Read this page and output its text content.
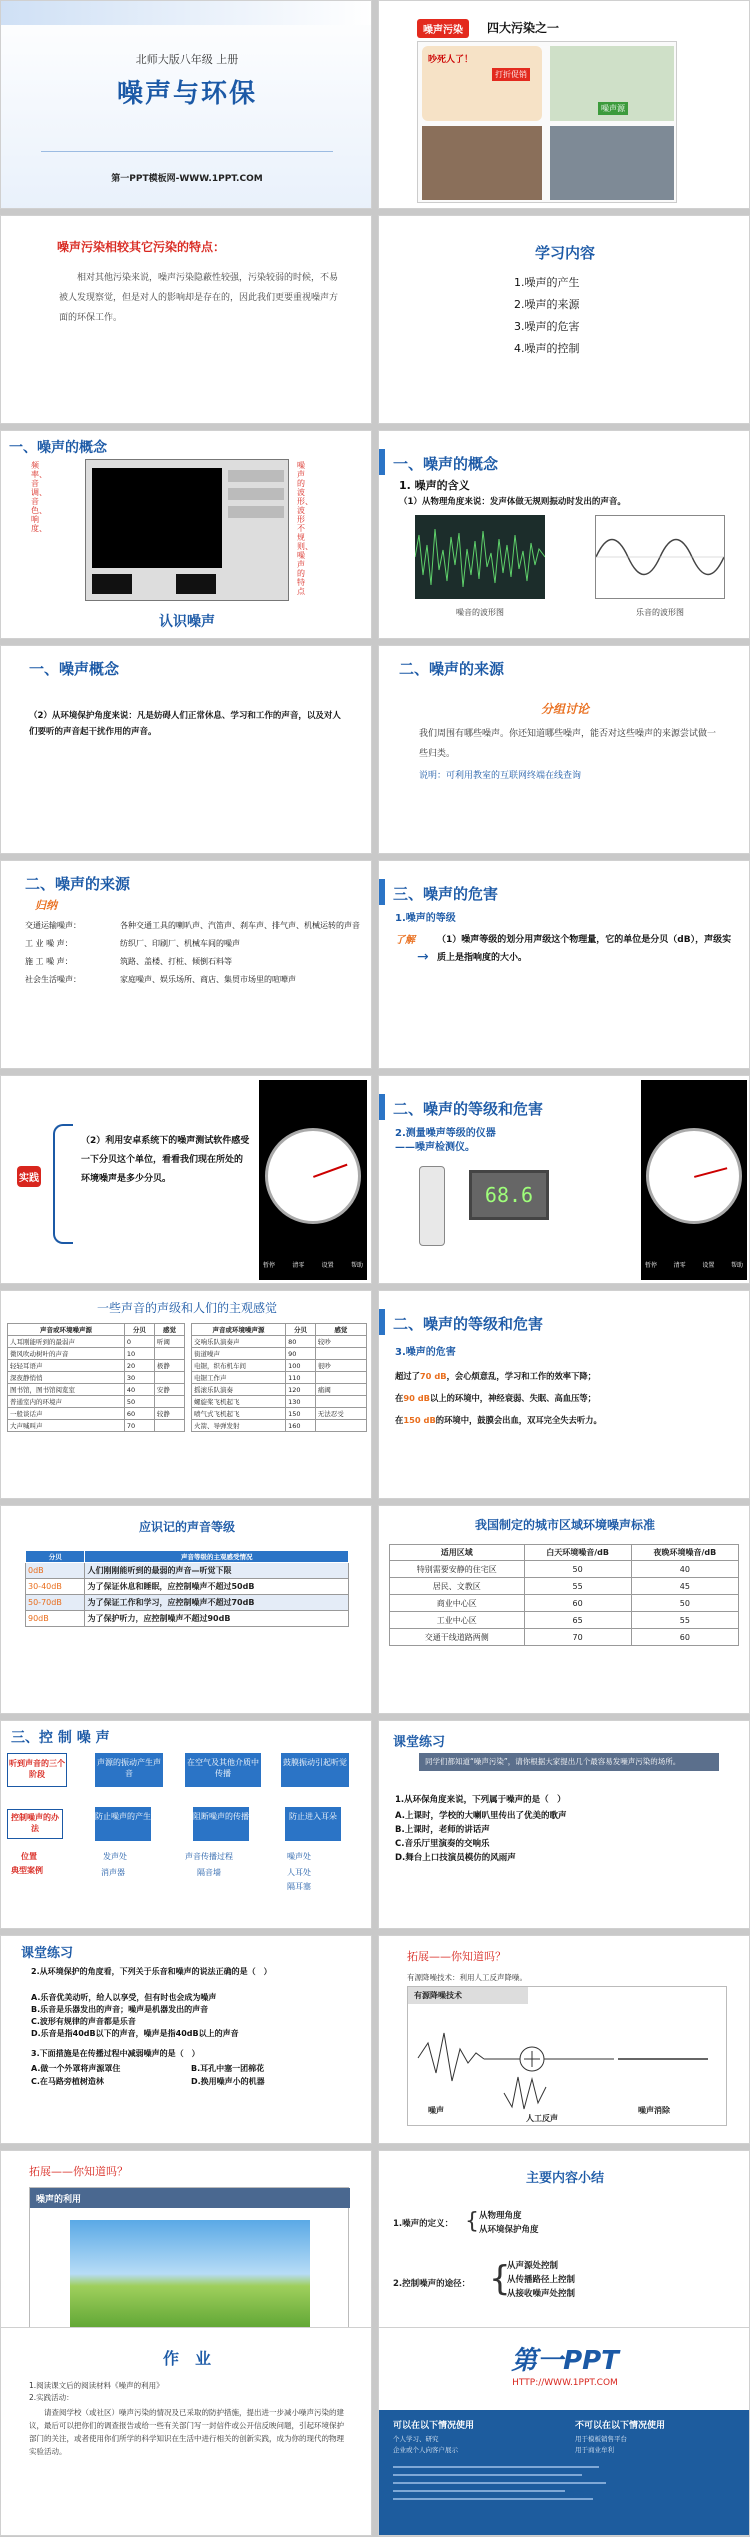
北师大版八年级 上册
噪声与环保
第一PPT模板网-WWW.1PPT.COM
噪声污染	四大污染之一
吵死人了！
打折促销
噪声源
噪声污染相较其它污染的特点：
相对其他污染来说，噪声污染隐蔽性较强，污染较弱的时候，不易被人发现察觉，但是对人的影响却是存在的，因此我们更要重视噪声方面的环保工作。
学习内容
1.噪声的产生
2.噪声的来源
3.噪声的危害
4.噪声的控制
一、噪声的概念
频率、音调、音色、响度、
噪声的波形、波形不规则、噪声的特点
认识噪声
一、噪声的概念
1. 噪声的含义
（1）从物理角度来说：发声体做无规则振动时发出的声音。
噪音的波形图	乐音的波形图
一、噪声概念
（2）从环境保护角度来说：凡是妨碍人们正常休息、学习和工作的声音，以及对人们要听的声音起干扰作用的声音。
二、噪声的来源
分组讨论
我们周围有哪些噪声。你还知道哪些噪声，能否对这些噪声的来源尝试做一些归类。
说明：可利用教室的互联网终端在线查询
二、噪声的来源
归纳
交通运输噪声：	各种交通工具的喇叭声、汽笛声、刹车声、排气声、机械运转的声音
工 业 噪 声：	纺织厂、印刷厂、机械车间的噪声
施 工 噪 声：	筑路、盖楼、打桩、倾倒石料等
社会生活噪声：	家庭噪声、娱乐场所、商店、集贸市场里的喧嘩声
三、噪声的危害
1.噪声的等级
了解
→
（1）噪声等级的划分用声级这个物理量，它的单位是分贝（dB），声级实质上是指响度的大小。
实践
（2）利用安卓系统下的噪声测试软件感受一下分贝这个单位，看看我们现在所处的环境噪声是多少分贝。
暂停	清零	设置	帮助
二、噪声的等级和危害
2.测量噪声等级的仪器
——噪声检测仪。
68.6
暂停	清零	设置	帮助
一些声音的声级和人们的主观感觉
声音或环境噪声源	分贝	感觉
人耳刚能听到的最弱声	0	听阈
微风吹动树叶的声音	10	
轻轻耳语声	20	极静
深夜静悄悄	30	
图书馆，图书馆阅览室	40	安静
普通室内的环境声	50	
一般谈话声	60	较静
大声喊叫声	70	
声音或环境噪声源	分贝	感觉
交响乐队演奏声	80	较吵
街道噪声	90	
电锯，织布机车间	100	很吵
电锯工作声	110	
摇滚乐队演奏	120	痛阈
螺旋桨飞机起飞	130	
喷气式飞机起飞	150	无法忍受
火箭、导弹发射	160	
二、噪声的等级和危害
3.噪声的危害
超过了70 dB，会心烦意乱，学习和工作的效率下降；
在90 dB以上的环境中，神经衰弱、失眠、高血压等；
在150 dB的环境中，鼓膜会出血，双耳完全失去听力。
应识记的声音等级
分贝	声音等级的主观感受情况
0dB	人们刚刚能听到的最弱的声音—听觉下限
30-40dB	为了保证休息和睡眠，应控制噪声不超过50dB
50-70dB	为了保证工作和学习，应控制噪声不超过70dB
90dB	为了保护听力，应控制噪声不超过90dB
我国制定的城市区域环境噪声标准
适用区域	白天环境噪音/dB	夜晚环境噪音/dB
特别需要安静的住宅区	50	40
居民、文教区	55	45
商业中心区	60	50
工业中心区	65	55
交通干线道路两侧	70	60
三、控 制 噪 声
听到声音的三个阶段
声源的振动产生声音
在空气及其他介质中传播
鼓膜振动引起听觉
控制噪声的办法
防止噪声的产生	阻断噪声的传播	防止进入耳朵
位置
典型案例
发声处	声音传播过程	噪声处
消声器	隔音墙	人耳处
隔耳塞
课堂练习
同学们都知道“噪声污染”，请你根据大家提出几个最容易发噪声污染的场所。
1.从环保角度来说，下列属于噪声的是（　）
A.上课时，学校的大喇叭里传出了优美的歌声
B.上课时，老师的讲话声
C.音乐厅里演奏的交响乐
D.舞台上口技演员模仿的风雨声
课堂练习
2.从环境保护的角度看，下列关于乐音和噪声的说法正确的是（　）
A.乐音优美动听，给人以享受，但有时也会成为噪声
B.乐音是乐器发出的声音；噪声是机器发出的声音
C.波形有规律的声音都是乐音
D.乐音是指40dB以下的声音，噪声是指40dB以上的声音
3.下面措施是在传播过程中减弱噪声的是（　）
A.做一个外罩将声源罩住	B.耳孔中塞一团棉花
C.在马路旁植树造林	D.换用噪声小的机器
拓展——你知道吗？
有源降噪技术：利用人工反声降噪。
有源降噪技术
噪声
人工反声
噪声消除
拓展——你知道吗？
噪声的利用
主要内容小结
1.噪声的定义： { 从物理角度
从环境保护角度
2.控制噪声的途径： {
从声源处控制
从传播路径上控制
从接收噪声处控制
作　业
1.阅读课文后的阅读材料《噪声的利用》
2.实践活动：
请查阅学校（或社区）噪声污染的情况及已采取的防护措施，提出进一步减小噪声污染的建议，最后可以把你们的调查报告或给一些有关部门写一封信件或公开信反映问题，引起环境保护部门的关注，或者使用你们所学的科学知识在生活中进行相关的创新实践，成为你的现代的物理实验活动。
第一PPT
HTTP://WWW.1PPT.COM
可以在以下情况使用	不可以在以下情况使用
个人学习、研究
企业或个人向客户展示
用于模板销售平台
用于商业牟利
